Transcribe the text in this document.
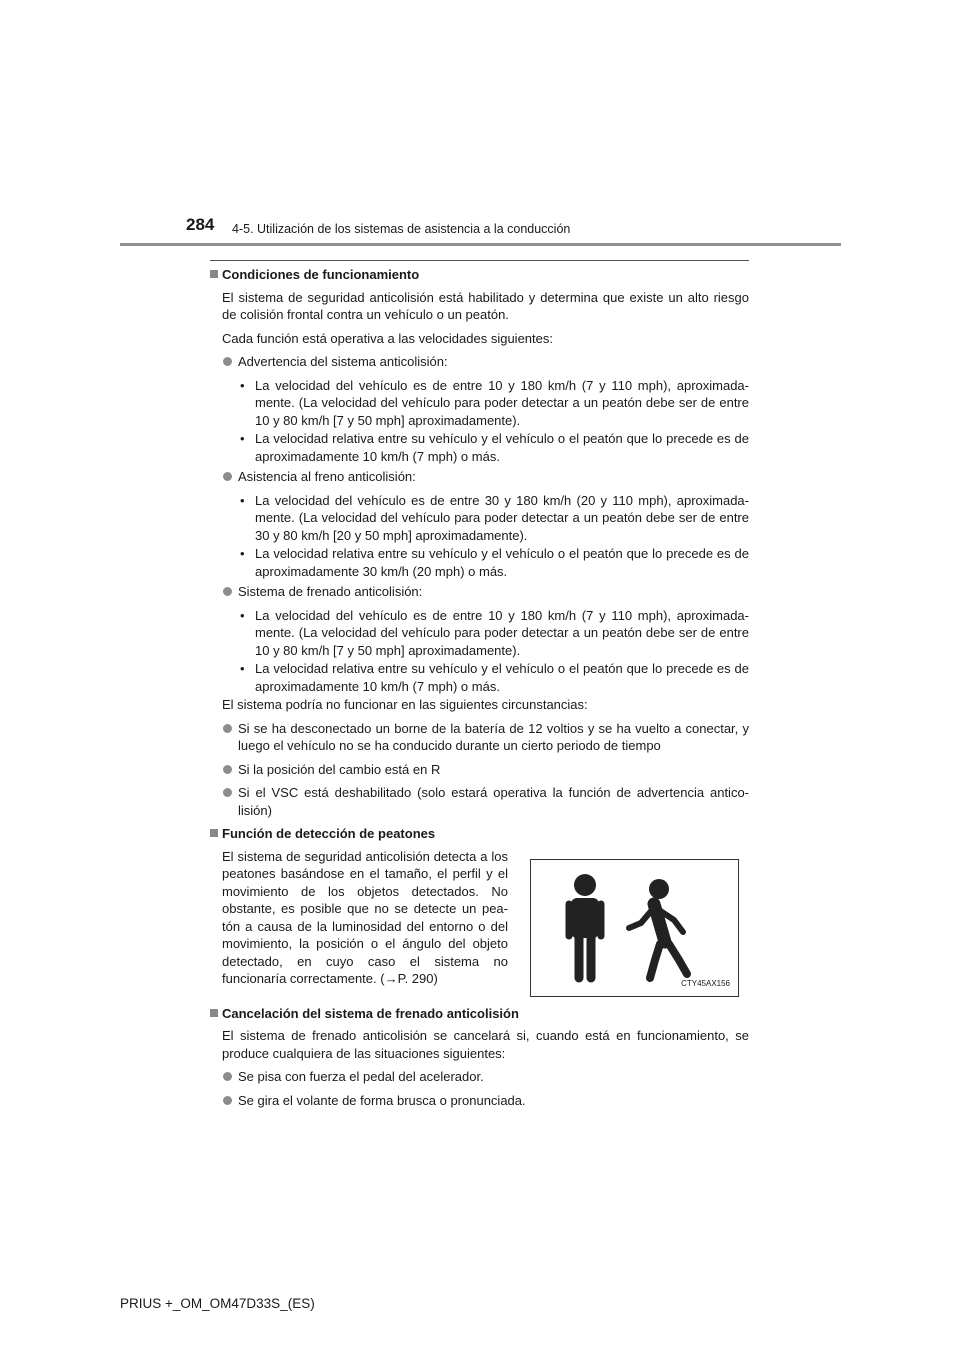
284 4-5. Utilización de los sistemas de asistencia a la conducción
Condiciones de funcionamiento

El sistema de seguridad anticolisión está habilitado y determina que existe un alto riesgo de colisión frontal contra un vehículo o un peatón.

Cada función está operativa a las velocidades siguientes:

Advertencia del sistema anticolisión:

• La velocidad del vehículo es de entre 10 y 180 km/h (7 y 110 mph), aproximada-mente. (La velocidad del vehículo para poder detectar a un peatón debe ser de entre 10 y 80 km/h [7 y 50 mph] aproximadamente).

• La velocidad relativa entre su vehículo y el vehículo o el peatón que lo precede es de aproximadamente 10 km/h (7 mph) o más.

Asistencia al freno anticolisión:

• La velocidad del vehículo es de entre 30 y 180 km/h (20 y 110 mph), aproximada-mente. (La velocidad del vehículo para poder detectar a un peatón debe ser de entre 30 y 80 km/h [20 y 50 mph] aproximadamente).

• La velocidad relativa entre su vehículo y el vehículo o el peatón que lo precede es de aproximadamente 30 km/h (20 mph) o más.

Sistema de frenado anticolisión:

• La velocidad del vehículo es de entre 10 y 180 km/h (7 y 110 mph), aproximada-mente. (La velocidad del vehículo para poder detectar a un peatón debe ser de entre 10 y 80 km/h [7 y 50 mph] aproximadamente).

• La velocidad relativa entre su vehículo y el vehículo o el peatón que lo precede es de aproximadamente 10 km/h (7 mph) o más.

El sistema podría no funcionar en las siguientes circunstancias:

Si se ha desconectado un borne de la batería de 12 voltios y se ha vuelto a conectar, y luego el vehículo no se ha conducido durante un cierto periodo de tiempo

Si la posición del cambio está en R

Si el VSC está deshabilitado (solo estará operativa la función de advertencia antico-lisión)

Función de detección de peatones

El sistema de seguridad anticolisión detecta a los peatones basándose en el tamaño, el perfil y el movimiento de los objetos detectados. No obstante, es posible que no se detecte un pea-tón a causa de la luminosidad del entorno o del movimiento, la posición o el ángulo del objeto detectado, en cuyo caso el sistema no funcionaría correctamente. (→P. 290)	CTY45AX156
Cancelación del sistema de frenado anticolisión

El sistema de frenado anticolisión se cancelará si, cuando está en funcionamiento, se produce cualquiera de las situaciones siguientes:

Se pisa con fuerza el pedal del acelerador.

Se gira el volante de forma brusca o pronunciada.

PRIUS +_OM_OM47D33S_(ES)
